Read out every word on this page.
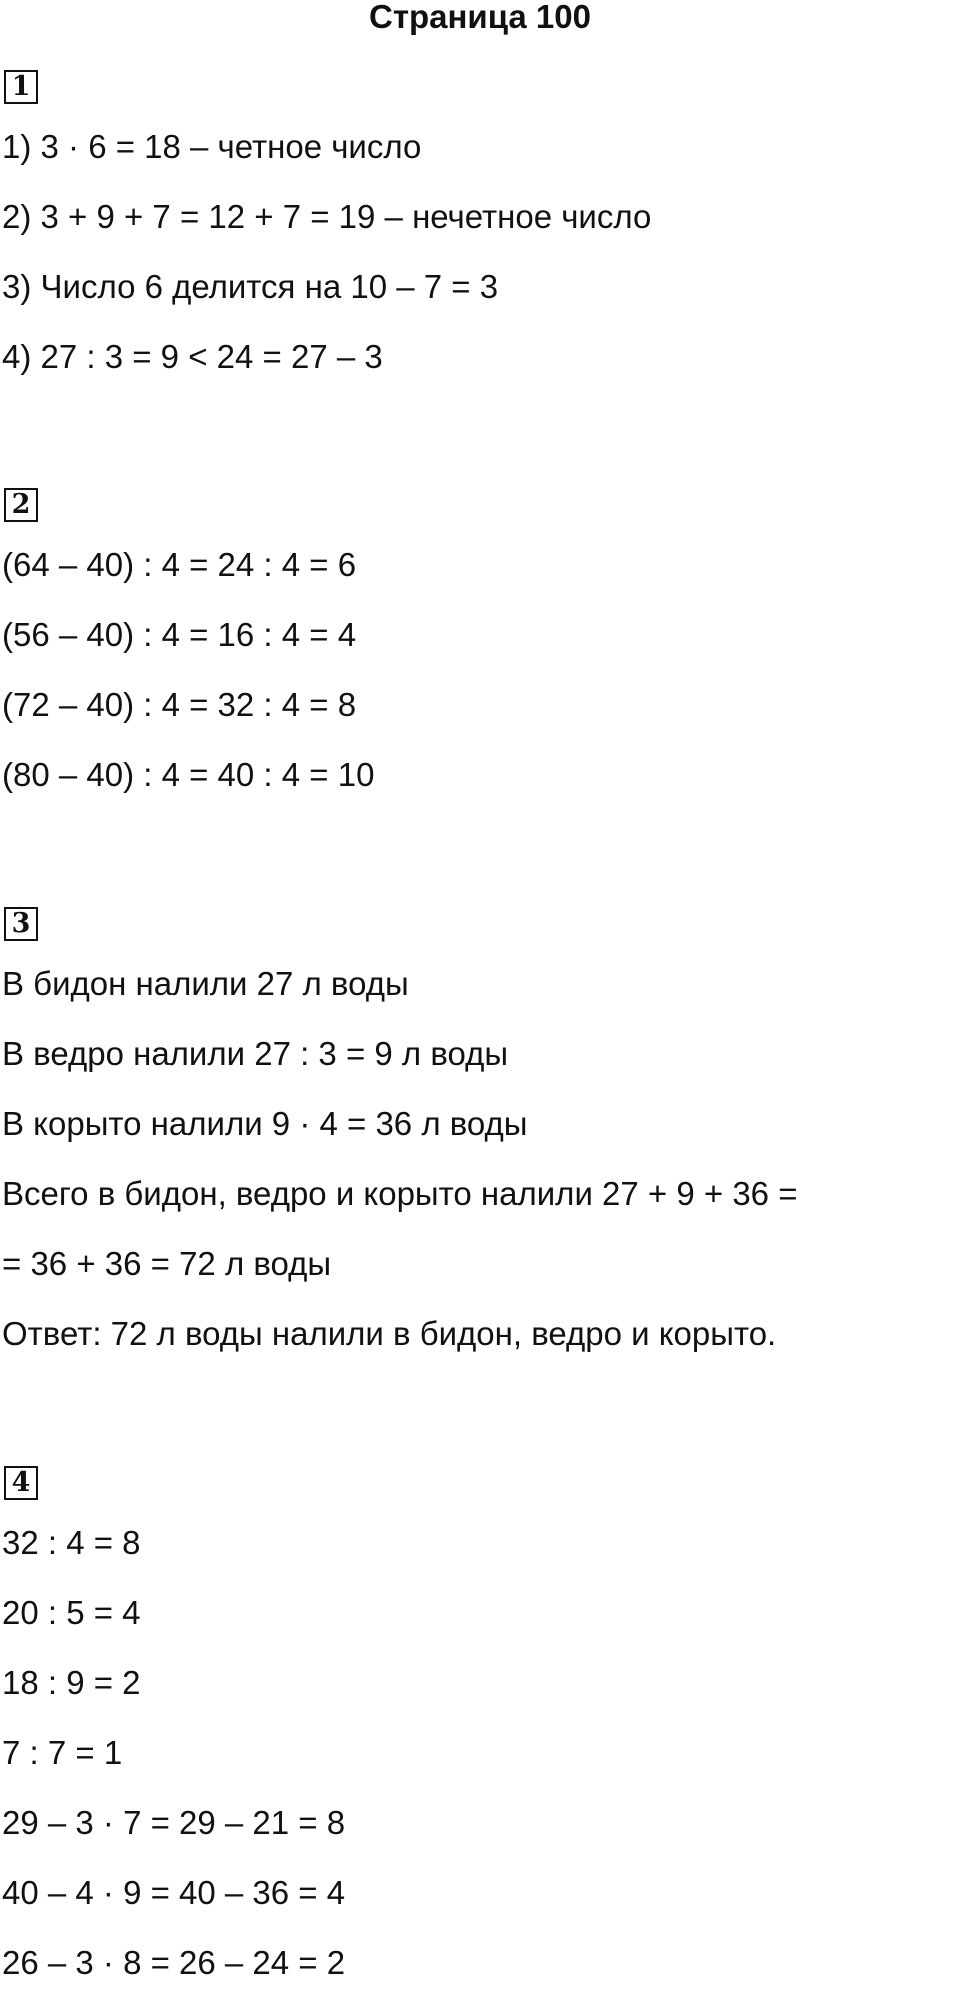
Страница 100
1
1) 3 · 6 = 18 – четное число
2) 3 + 9 + 7 = 12 + 7 = 19 – нечетное число
3) Число 6 делится на 10 – 7 = 3
4) 27 : 3 = 9 < 24 = 27 – 3
2
(64 – 40) : 4 = 24 : 4 = 6
(56 – 40) : 4 = 16 : 4 = 4
(72 – 40) : 4 = 32 : 4 = 8
(80 – 40) : 4 = 40 : 4 = 10
3
В бидон налили 27 л воды
В ведро налили 27 : 3 = 9 л воды
В корыто налили 9 · 4 = 36 л воды
Всего в бидон, ведро и корыто налили 27 + 9 + 36 =
= 36 + 36 = 72 л воды
Ответ: 72 л воды налили в бидон, ведро и корыто.
4
32 : 4 = 8
20 : 5 = 4
18 : 9 = 2
7 : 7 = 1
29 – 3 · 7 = 29 – 21 = 8
40 – 4 · 9 = 40 – 36 = 4
26 – 3 · 8 = 26 – 24 = 2
